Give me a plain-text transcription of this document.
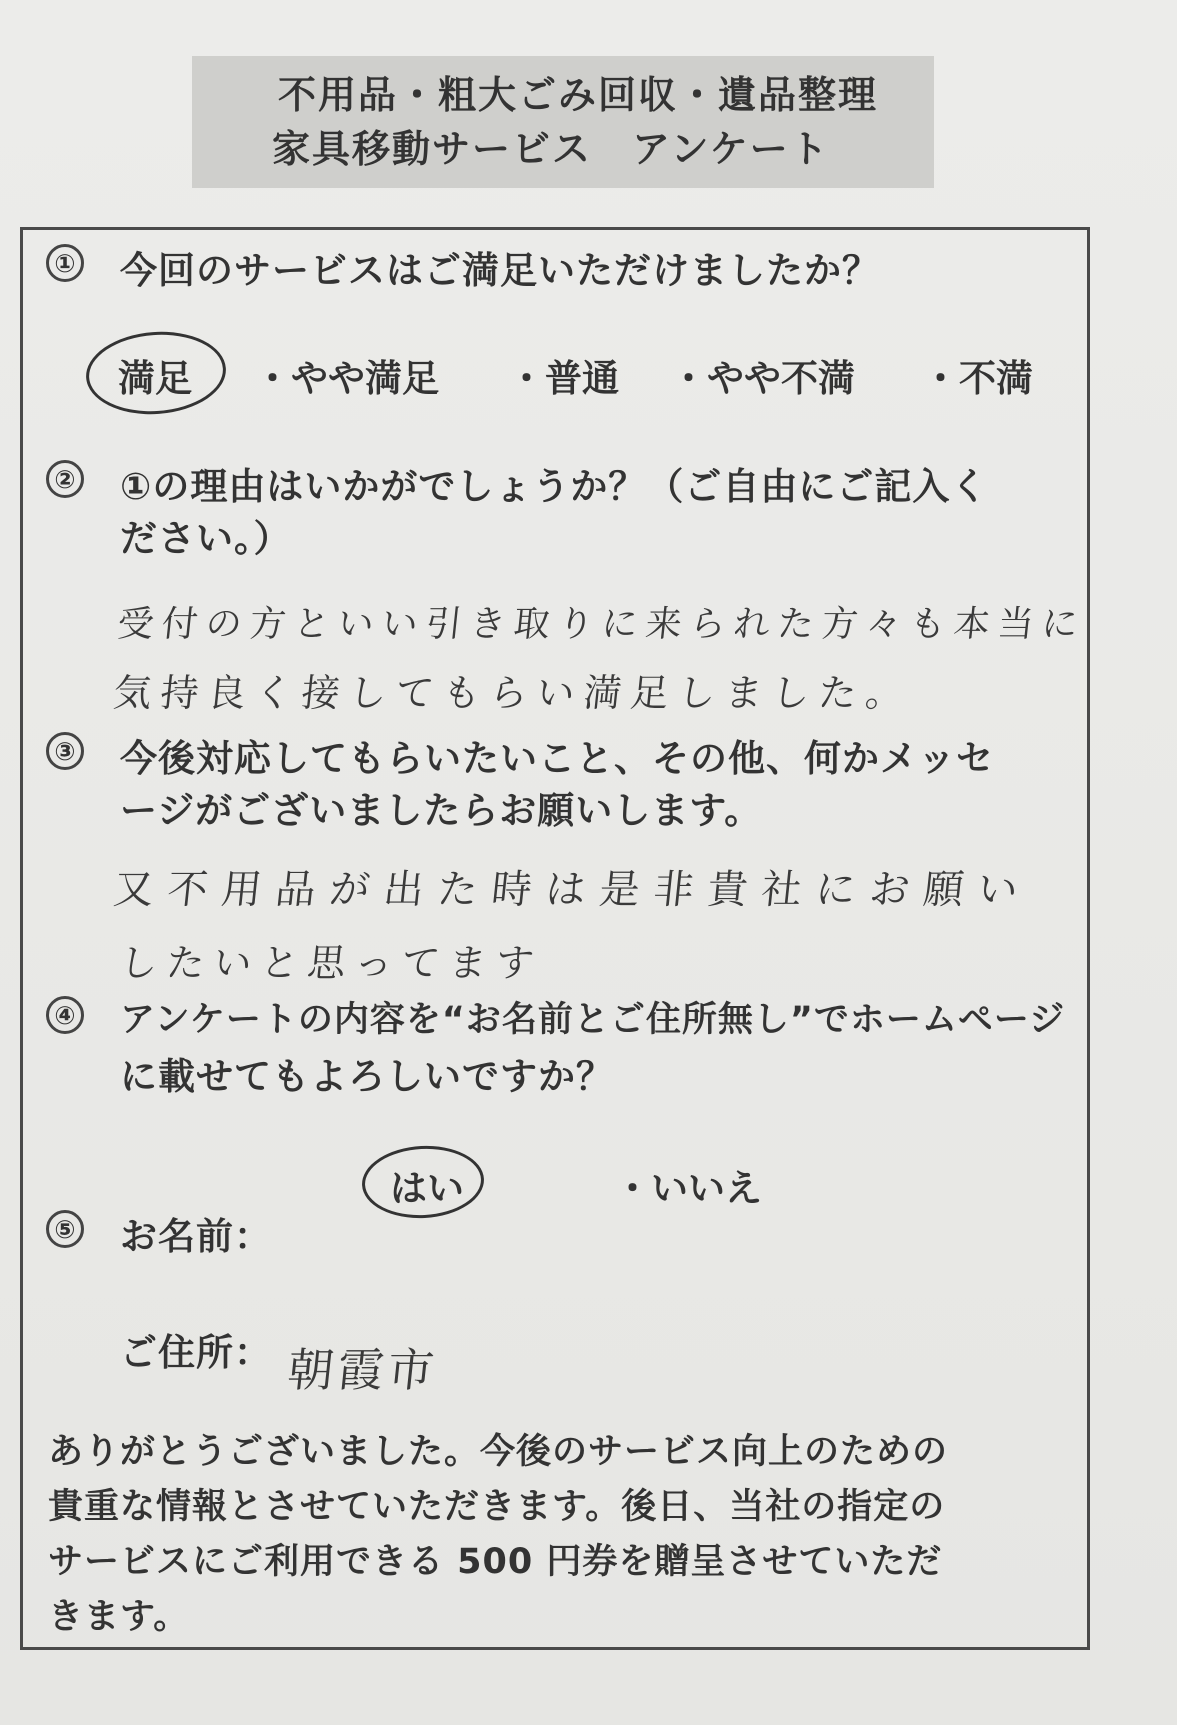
不用品・粗大ごみ回収・遺品整理
家具移動サービス　アンケート
① 今回のサービスはご満足いただけましたか？
満足 ・やや満足 ・普通 ・やや不満 ・不満
② ①の理由はいかがでしょうか？（ご自由にご記入く
ださい。）
受付の方といい引き取りに来られた方々も本当に
気持良く接してもらい満足しました。
③ 今後対応してもらいたいこと、その他、何かメッセ
ージがございましたらお願いします。
又不用品が出た時は是非貴社にお願い
したいと思ってます
④ アンケートの内容を“お名前とご住所無し”でホームページ
に載せてもよろしいですか？
はい	・いいえ
⑤ お名前：
ご住所： 朝霞市
ありがとうございました。今後のサービス向上のための
貴重な情報とさせていただきます。後日、当社の指定の
サービスにご利用できる 500 円券を贈呈させていただ
きます。
